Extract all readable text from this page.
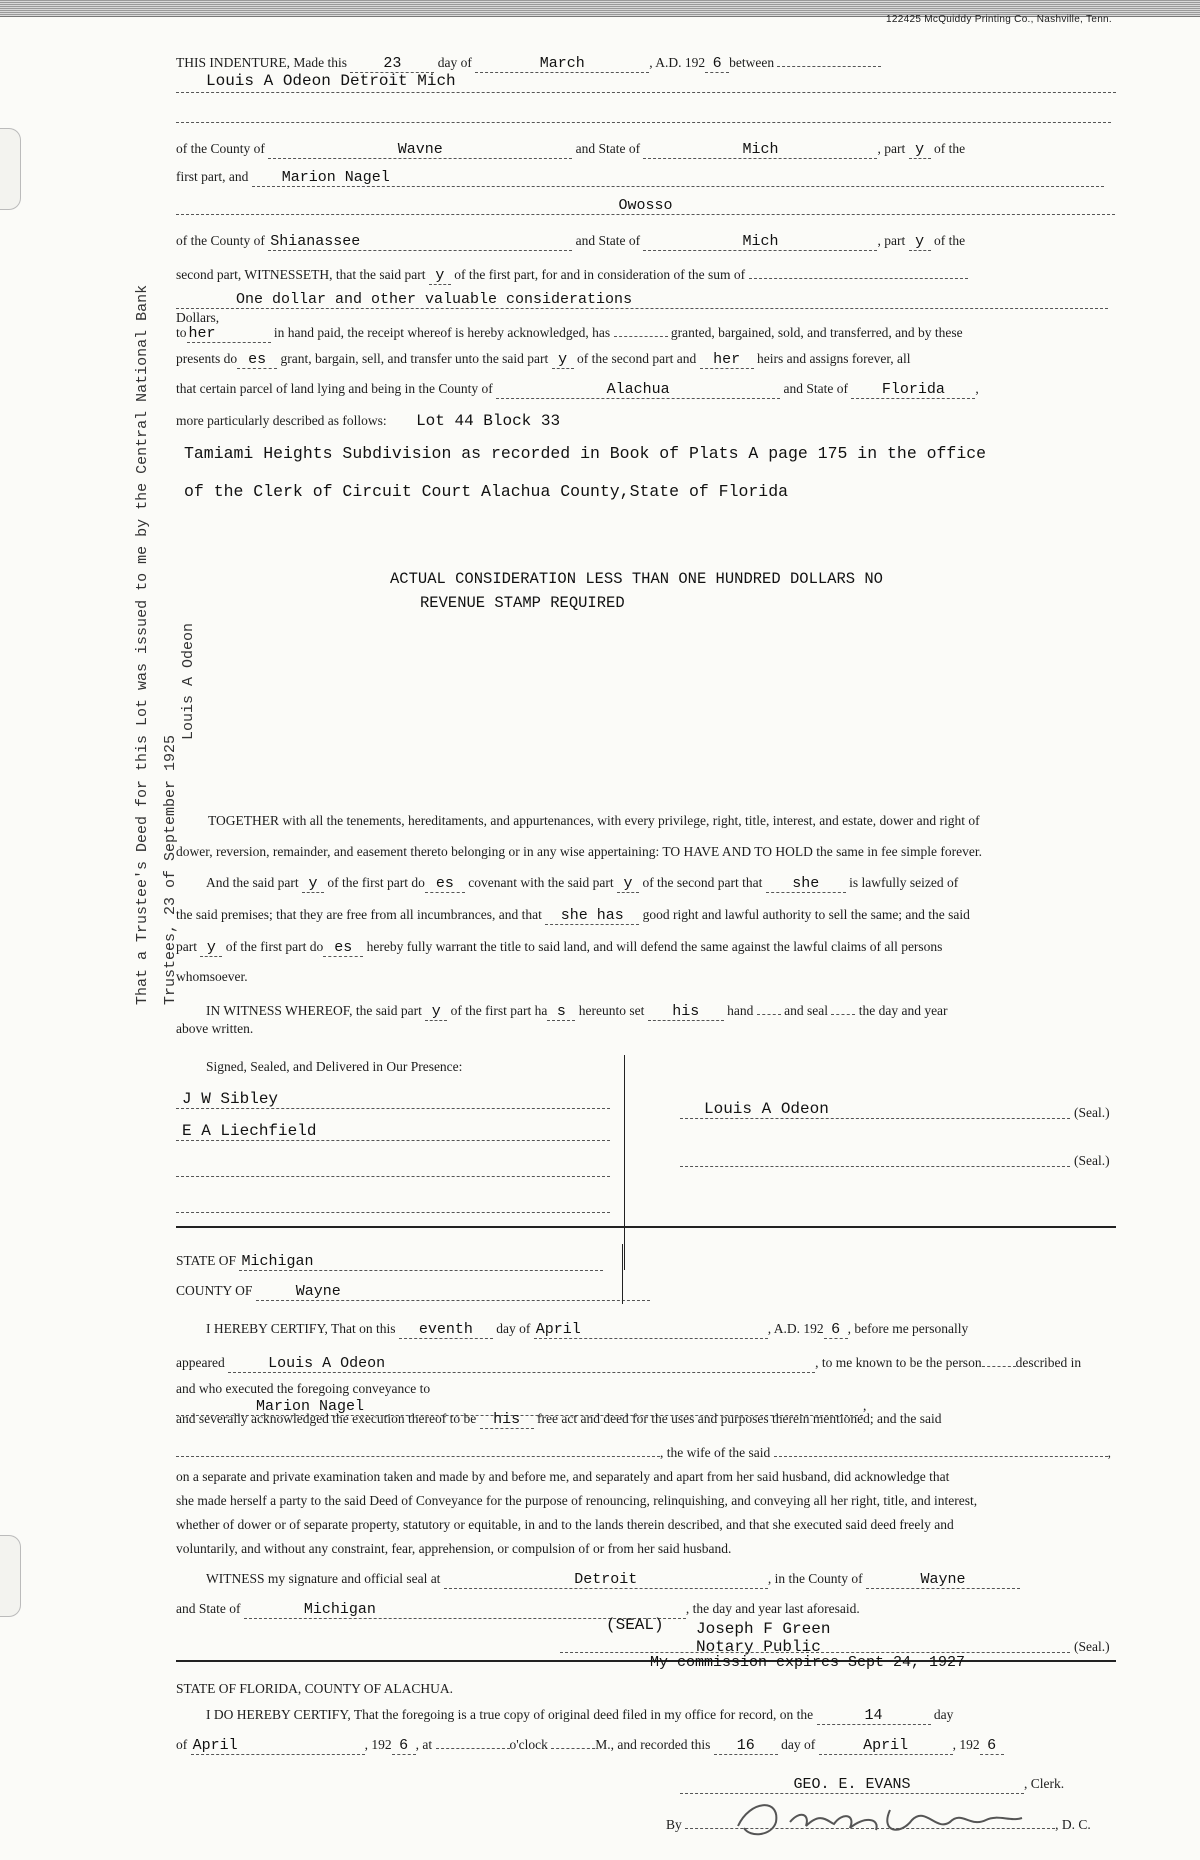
122425 McQuiddy Printing Co., Nashville, Tenn.
That a Trustee's Deed for this Lot was issued to me by the Central National Bank Trustees, 23 of September 1925
Louis A Odeon
THIS INDENTURE, Made this 23	day of	March	, A.D. 192 6 between
Louis A Odeon Detroit Mich
of the County of	Wavne	and State of	Mich	, part y of the
first part, and Marion Nagel
Owosso
of the County of Shianassee	and State of	Mich	, part y of the
second part, WITNESSETH, that the said part y of the first part, for and in consideration of the sum of
One dollar and other valuable considerations Dollars,
to her	in hand paid, the receipt whereof is hereby acknowledged, has	granted, bargained, sold, and transferred, and by these
presents do es grant, bargain, sell, and transfer unto the said part y of the second part and her heirs and assigns forever, all
that certain parcel of land lying and being in the County of	Alachua	and State of Florida ,
more particularly described as follows: Lot 44 Block 33
Tamiami Heights Subdivision as recorded in Book of Plats A page 175 in the office
of the Clerk of Circuit Court Alachua County,State of Florida
ACTUAL CONSIDERATION LESS THAN ONE HUNDRED DOLLARS NO
REVENUE STAMP REQUIRED
TOGETHER with all the tenements, hereditaments, and appurtenances, with every privilege, right, title, interest, and estate, dower and right of
dower, reversion, remainder, and easement thereto belonging or in any wise appertaining: TO HAVE AND TO HOLD the same in fee simple forever.
And the said part y of the first part do es covenant with the said part y of the second part that she is lawfully seized of
the said premises; that they are free from all incumbrances, and that she has good right and lawful authority to sell the same; and the said
part y of the first part do es hereby fully warrant the title to said land, and will defend the same against the lawful claims of all persons
whomsoever.
IN WITNESS WHEREOF, the said part y of the first part ha s hereunto set his hand and seal the day and year
above written.
Signed, Sealed, and Delivered in Our Presence:
J W Sibley
E A Liechfield
Louis A Odeon	(Seal.)
(Seal.)
STATE OF Michigan
COUNTY OF	Wayne
I HEREBY CERTIFY, That on this eventh day of April	, A.D. 192 6 , before me personally
appeared	Louis A Odeon	, to me known to be the person	described in
and who executed the foregoing conveyance to Marion Nagel	,
and severally acknowledged the execution thereof to be his free act and deed for the uses and purposes therein mentioned; and the said
, the wife of the said	,
on a separate and private examination taken and made by and before me, and separately and apart from her said husband, did acknowledge that
she made herself a party to the said Deed of Conveyance for the purpose of renouncing, relinquishing, and conveying all her right, title, and interest,
whether of dower or of separate property, statutory or equitable, in and to the lands therein described, and that she executed said deed freely and
voluntarily, and without any constraint, fear, apprehension, or compulsion of or from her said husband.
WITNESS my signature and official seal at	Detroit	, in the County of	Wayne
and State of	Michigan	, the day and year last aforesaid.
(SEAL) Joseph F Green
Notary Public	(Seal.)
My commission expires Sept 24, 1927
STATE OF FLORIDA, COUNTY OF ALACHUA.
I DO HEREBY CERTIFY, That the foregoing is a true copy of original deed filed in my office for record, on the	14	day
of April	, 192 6 , at	o'clock	M., and recorded this 16 day of	April	, 192 6
GEO. E. EVANS	, Clerk.
By	, D. C.
